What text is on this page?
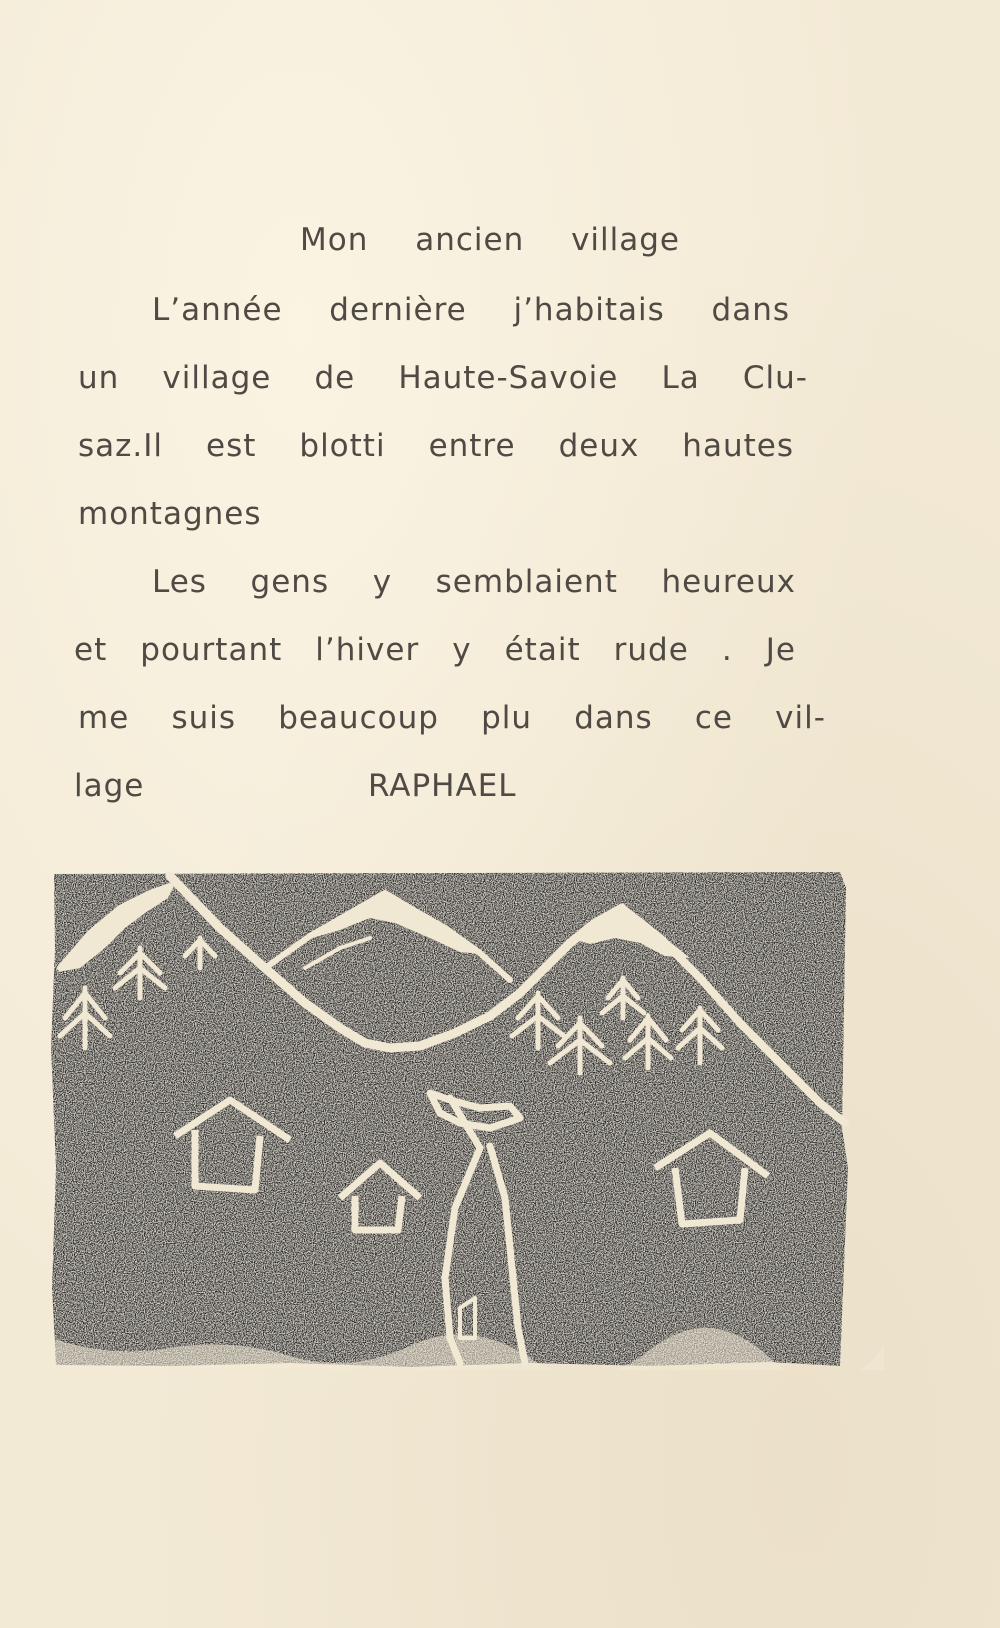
Mon ancien village
L’année dernière j’habitais dans
un village de Haute-Savoie La Clu-
saz.Il est blotti entre deux hautes
montagnes
Les gens y semblaient heureux
et pourtant l’hiver y était rude . Je
me suis beaucoup plu dans ce vil-
lage	RAPHAEL
